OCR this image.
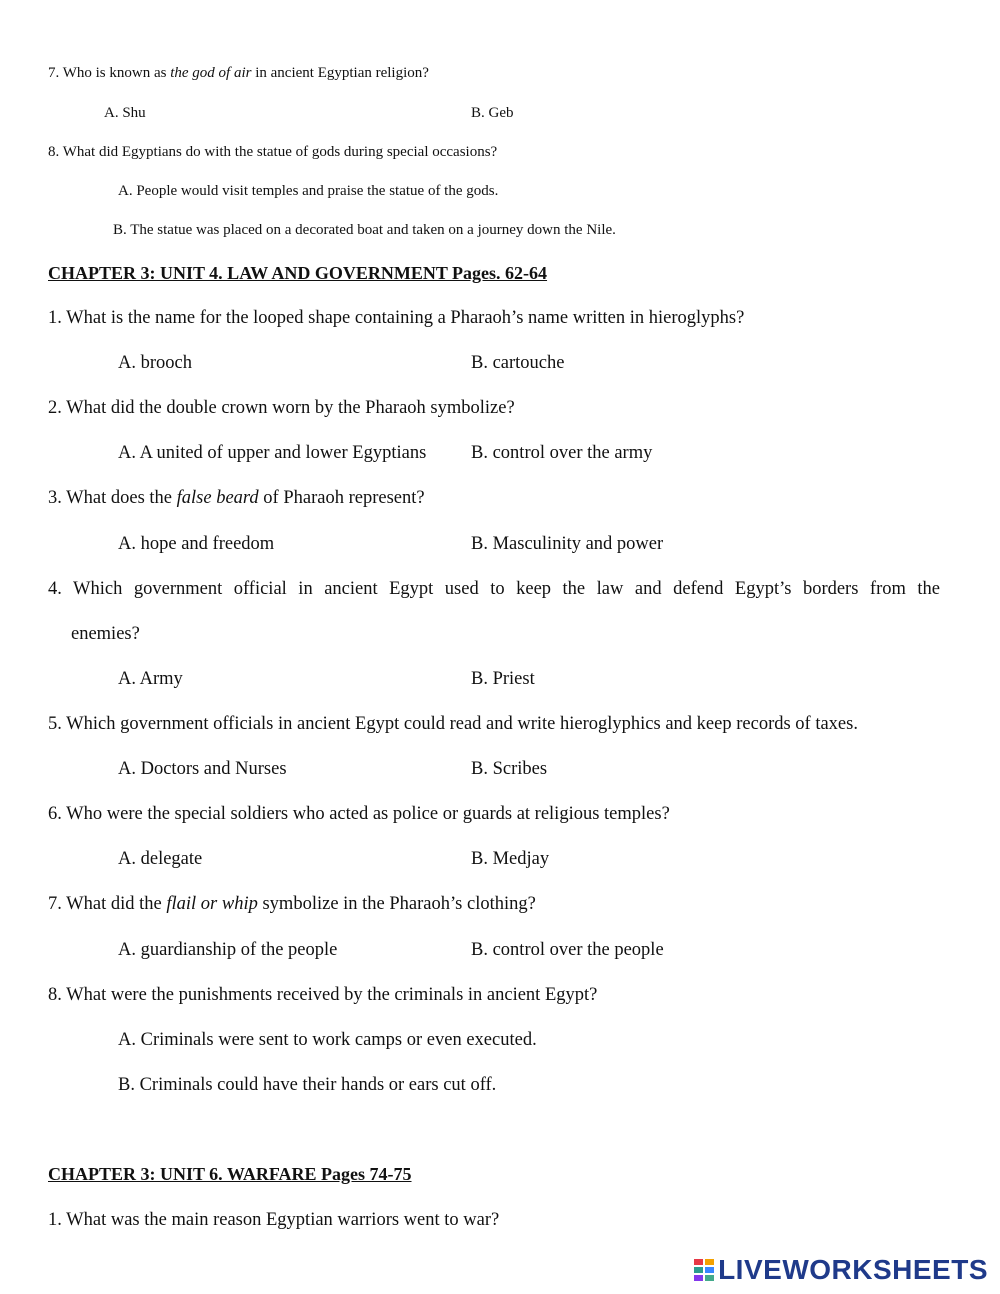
7. Who is known as the god of air in ancient Egyptian religion?
A. Shu	B. Geb
8. What did Egyptians do with the statue of gods during special occasions?
A. People would visit temples and praise the statue of the gods.
B. The statue was placed on a decorated boat and taken on a journey down the Nile.
CHAPTER 3: UNIT 4. LAW AND GOVERNMENT Pages. 62-64
1. What is the name for the looped shape containing a Pharaoh’s name written in hieroglyphs?
A. brooch	B. cartouche
2. What did the double crown worn by the Pharaoh symbolize?
A. A united of upper and lower Egyptians B. control over the army
3. What does the false beard of Pharaoh represent?
A. hope and freedom	B. Masculinity and power
4. Which government official in ancient Egypt used to keep the law and defend Egypt’s borders from the
enemies?
A. Army	B. Priest
5. Which government officials in ancient Egypt could read and write hieroglyphics and keep records of taxes.
A. Doctors and Nurses	B. Scribes
6. Who were the special soldiers who acted as police or guards at religious temples?
A. delegate	B. Medjay
7. What did the flail or whip symbolize in the Pharaoh’s clothing?
A. guardianship of the people	B. control over the people
8. What were the punishments received by the criminals in ancient Egypt?
A. Criminals were sent to work camps or even executed.
B. Criminals could have their hands or ears cut off.
CHAPTER 3: UNIT 6. WARFARE Pages 74-75
1. What was the main reason Egyptian warriors went to war?
LIVEWORKSHEETS
